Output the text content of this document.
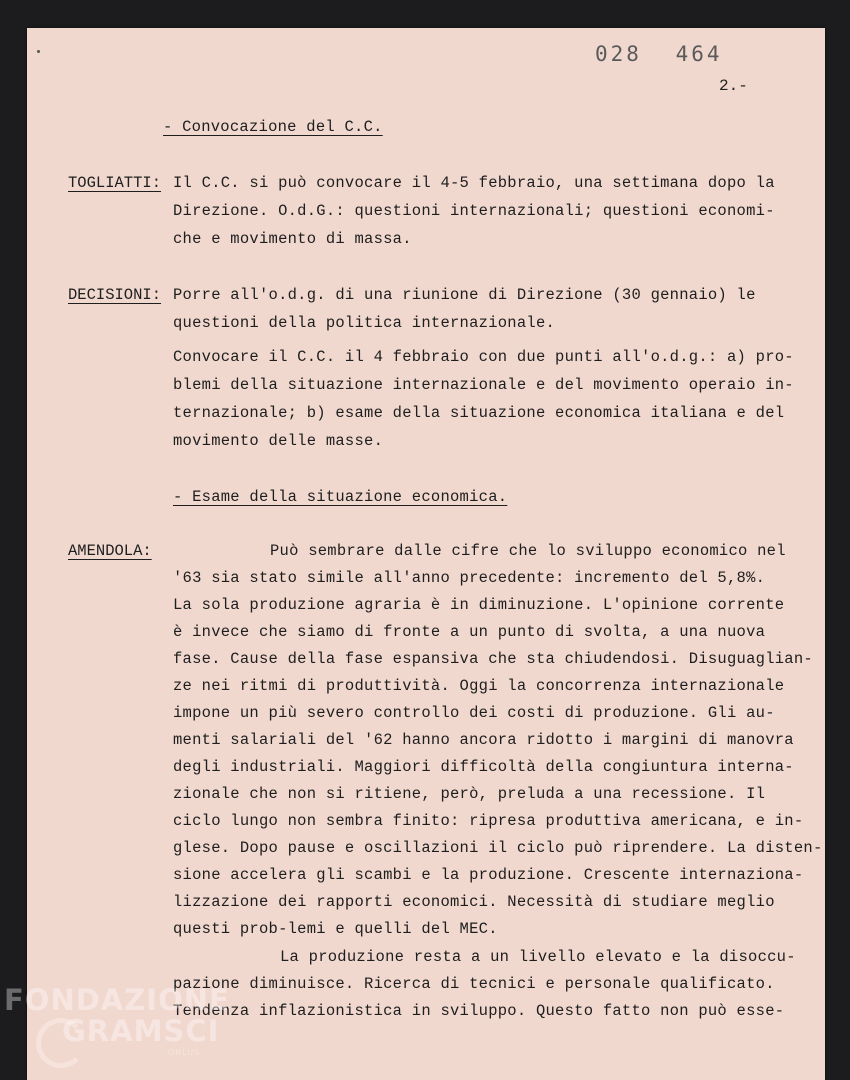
028 464
2.-
- Convocazione del C.C.
TOGLIATTI: Il C.C. si può convocare il 4-5 febbraio, una settimana dopo la
Direzione. O.d.G.: questioni internazionali; questioni economi-
che e movimento di massa.
DECISIONI: Porre all'o.d.g. di una riunione di Direzione (30 gennaio) le
questioni della politica internazionale.
Convocare il C.C. il 4 febbraio con due punti all'o.d.g.: a) pro-
blemi della situazione internazionale e del movimento operaio in-
ternazionale; b) esame della situazione economica italiana e del
movimento delle masse.
- Esame della situazione economica.
AMENDOLA:	Può sembrare dalle cifre che lo sviluppo economico nel
'63 sia stato simile all'anno precedente: incremento del 5,8%.
La sola produzione agraria è in diminuzione. L'opinione corrente
è invece che siamo di fronte a un punto di svolta, a una nuova
fase. Cause della fase espansiva che sta chiudendosi. Disuguaglian-
ze nei ritmi di produttività. Oggi la concorrenza internazionale
impone un più severo controllo dei costi di produzione. Gli au-
menti salariali del '62 hanno ancora ridotto i margini di manovra
degli industriali. Maggiori difficoltà della congiuntura interna-
zionale che non si ritiene, però, preluda a una recessione. Il
ciclo lungo non sembra finito: ripresa produttiva americana, e in-
glese. Dopo pause e oscillazioni il ciclo può riprendere. La disten-
sione accelera gli scambi e la produzione. Crescente internaziona-
lizzazione dei rapporti economici. Necessità di studiare meglio
questi prob-lemi e quelli del MEC.
La produzione resta a un livello elevato e la disoccu-
pazione diminuisce. Ricerca di tecnici e personale qualificato.
Tendenza inflazionistica in sviluppo. Questo fatto non può esse-
FONDAZIONE
GRAMSCI
ONLUS
